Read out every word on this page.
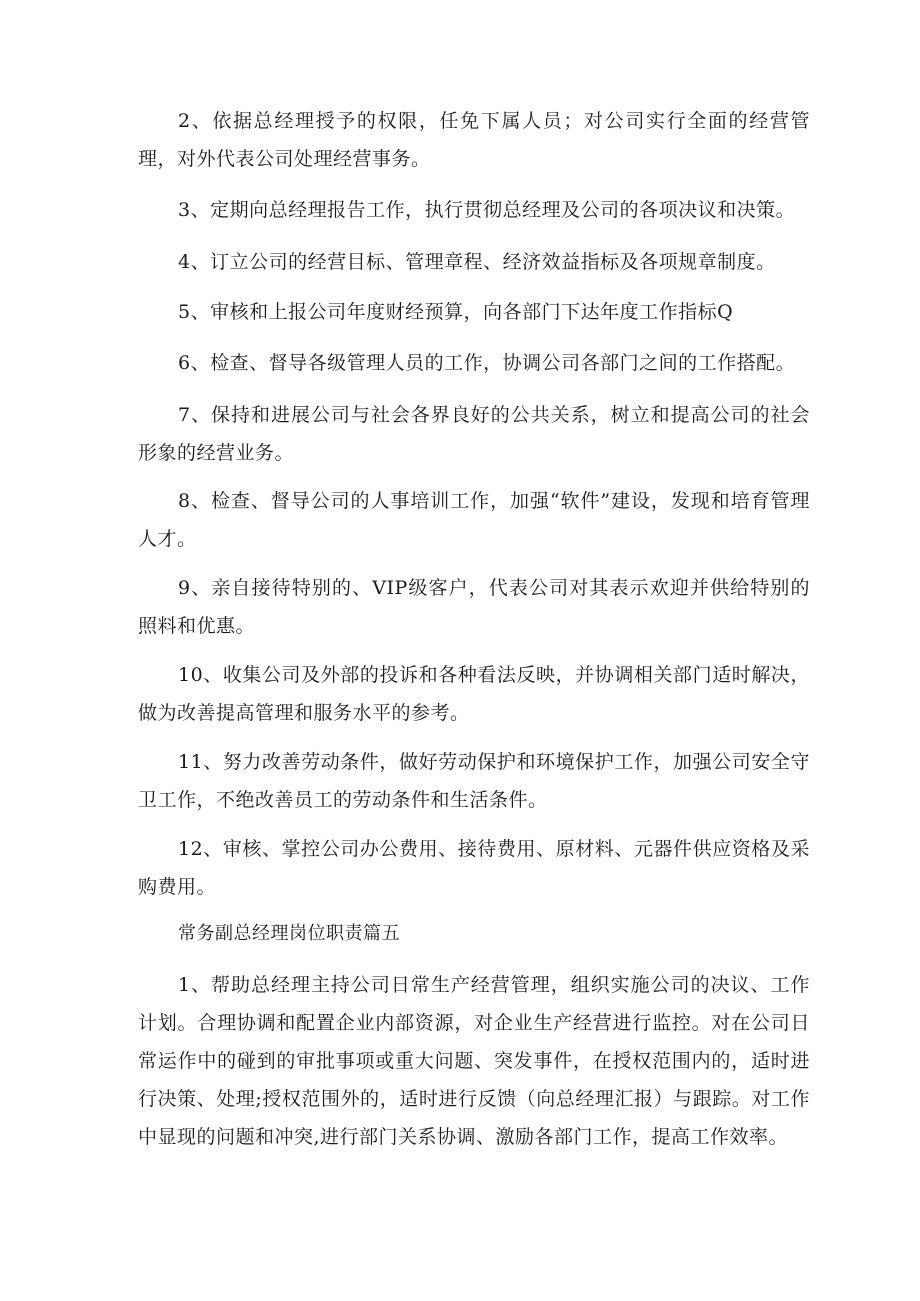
2、依据总经理授予的权限，任免下属人员；对公司实行全面的经营管理，对外代表公司处理经营事务。

3、定期向总经理报告工作，执行贯彻总经理及公司的各项决议和决策。

4、订立公司的经营目标、管理章程、经济效益指标及各项规章制度。

5、审核和上报公司年度财经预算，向各部门下达年度工作指标Q

6、检查、督导各级管理人员的工作，协调公司各部门之间的工作搭配。

7、保持和进展公司与社会各界良好的公共关系，树立和提高公司的社会形象的经营业务。

8、检查、督导公司的人事培训工作，加强“软件”建设，发现和培育管理人才。

9、亲自接待特别的、VIP级客户，代表公司对其表示欢迎并供给特别的照料和优惠。

10、收集公司及外部的投诉和各种看法反映，并协调相关部门适时解决，做为改善提高管理和服务水平的参考。

11、努力改善劳动条件，做好劳动保护和环境保护工作，加强公司安全守卫工作，不绝改善员工的劳动条件和生活条件。

12、审核、掌控公司办公费用、接待费用、原材料、元器件供应资格及采购费用。

常务副总经理岗位职责篇五

1、帮助总经理主持公司日常生产经营管理，组织实施公司的决议、工作计划。合理协调和配置企业内部资源，对企业生产经营进行监控。对在公司日常运作中的碰到的审批事项或重大问题、突发事件，在授权范围内的，适时进行决策、处理;授权范围外的，适时进行反馈（向总经理汇报）与跟踪。对工作中显现的问题和冲突,进行部门关系协调、激励各部门工作，提高工作效率。
